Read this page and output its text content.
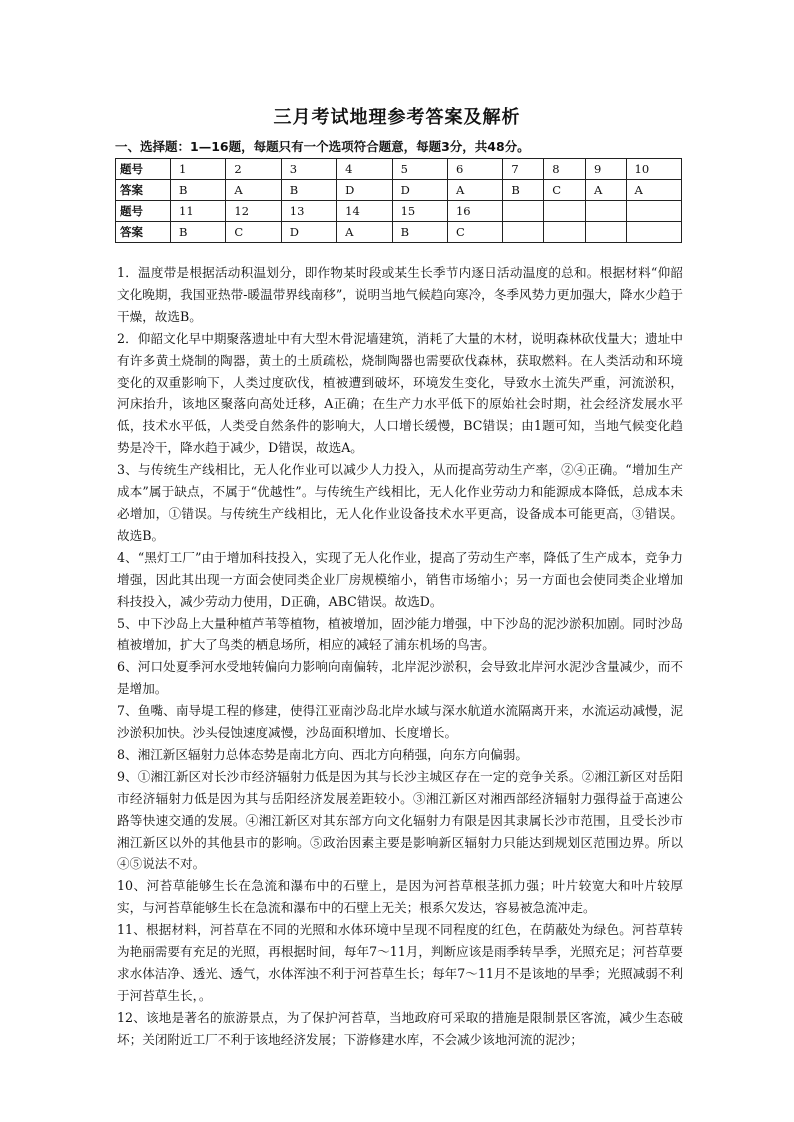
三月考试地理参考答案及解析
一、选择题：1—16题，每题只有一个选项符合题意，每题3分，共48分。
题号	1	2	3	4	5	6	7	8	9	10
答案	B	A	B	D	D	A	B	C	A	A
题号	11	12	13	14	15	16				
答案	B	C	D	A	B	C				

1．温度带是根据活动积温划分，即作物某时段或某生长季节内逐日活动温度的总和。根据材料“仰韶文化晚期，我国亚热带-暖温带界线南移”，说明当地气候趋向寒冷，冬季风势力更加强大，降水少趋于干燥，故选B。

2．仰韶文化早中期聚落遗址中有大型木骨泥墙建筑，消耗了大量的木材，说明森林砍伐量大；遗址中有许多黄土烧制的陶器，黄土的土质疏松，烧制陶器也需要砍伐森林，获取燃料。在人类活动和环境变化的双重影响下，人类过度砍伐，植被遭到破坏，环境发生变化，导致水土流失严重，河流淤积，河床抬升，该地区聚落向高处迁移，A正确；在生产力水平低下的原始社会时期，社会经济发展水平低，技术水平低，人类受自然条件的影响大，人口增长缓慢，BC错误；由1题可知，当地气候变化趋势是冷干，降水趋于减少，D错误，故选A。

3、与传统生产线相比，无人化作业可以减少人力投入，从而提高劳动生产率，②④正确。“增加生产成本”属于缺点，不属于“优越性”。与传统生产线相比，无人化作业劳动力和能源成本降低，总成本未必增加，①错误。与传统生产线相比，无人化作业设备技术水平更高，设备成本可能更高，③错误。故选B。

4、“黑灯工厂”由于增加科技投入，实现了无人化作业，提高了劳动生产率，降低了生产成本，竞争力增强，因此其出现一方面会使同类企业厂房规模缩小，销售市场缩小；另一方面也会使同类企业增加科技投入，减少劳动力使用，D正确，ABC错误。故选D。

5、中下沙岛上大量种植芦苇等植物，植被增加，固沙能力增强，中下沙岛的泥沙淤积加剧。同时沙岛植被增加，扩大了鸟类的栖息场所，相应的减轻了浦东机场的鸟害。

6、河口处夏季河水受地转偏向力影响向南偏转，北岸泥沙淤积，会导致北岸河水泥沙含量减少，而不是增加。

7、鱼嘴、南导堤工程的修建，使得江亚南沙岛北岸水域与深水航道水流隔离开来，水流运动减慢，泥沙淤积加快。沙头侵蚀速度减慢，沙岛面积增加、长度增长。

8、湘江新区辐射力总体态势是南北方向、西北方向稍强，向东方向偏弱。

9、①湘江新区对长沙市经济辐射力低是因为其与长沙主城区存在一定的竞争关系。②湘江新区对岳阳市经济辐射力低是因为其与岳阳经济发展差距较小。③湘江新区对湘西部经济辐射力强得益于高速公路等快速交通的发展。④湘江新区对其东部方向文化辐射力有限是因其隶属长沙市范围，且受长沙市湘江新区以外的其他县市的影响。⑤政治因素主要是影响新区辐射力只能达到规划区范围边界。所以④⑤说法不对。

10、河苔草能够生长在急流和瀑布中的石壁上，是因为河苔草根茎抓力强；叶片较宽大和叶片较厚实，与河苔草能够生长在急流和瀑布中的石壁上无关；根系欠发达，容易被急流冲走。

11、根据材料，河苔草在不同的光照和水体环境中呈现不同程度的红色，在荫蔽处为绿色。河苔草转为艳丽需要有充足的光照，再根据时间，每年7～11月，判断应该是雨季转旱季，光照充足；河苔草要求水体洁净、透光、透气，水体浑浊不利于河苔草生长；每年7～11月不是该地的旱季；光照减弱不利于河苔草生长，。

12、该地是著名的旅游景点，为了保护河苔草，当地政府可采取的措施是限制景区客流，减少生态破坏；关闭附近工厂不利于该地经济发展；下游修建水库，不会减少该地河流的泥沙；
